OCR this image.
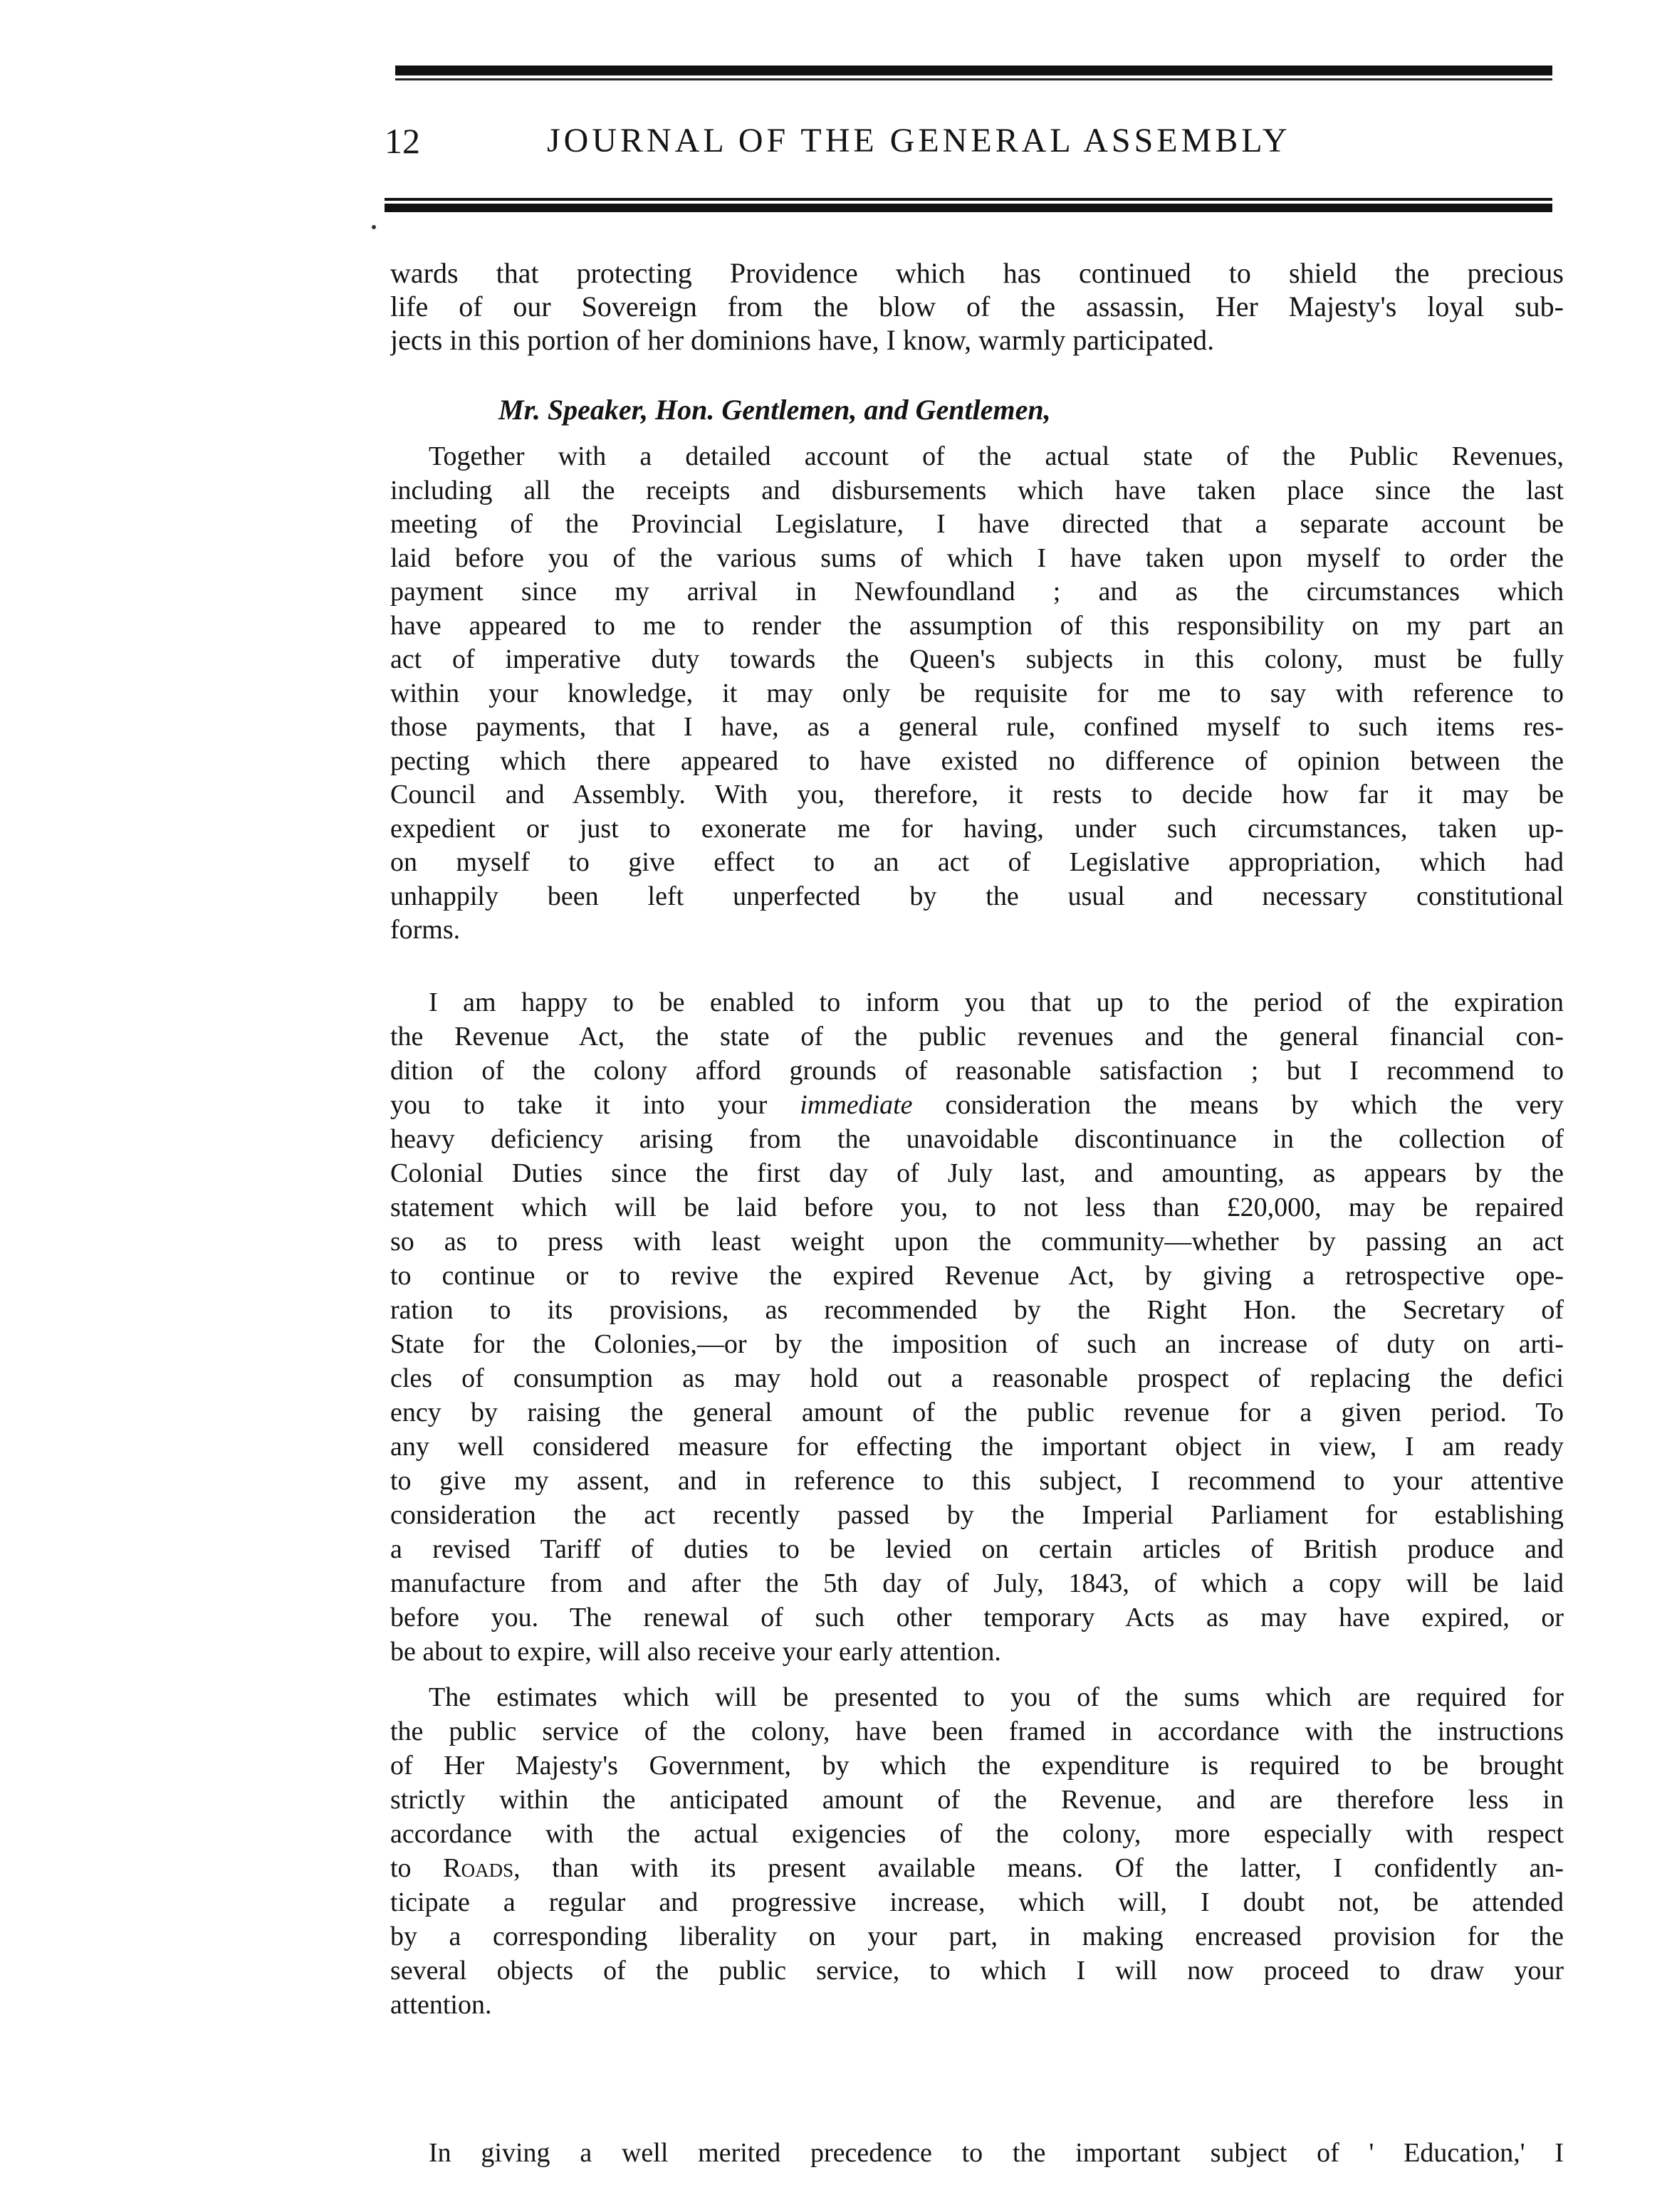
12	JOURNAL OF THE GENERAL ASSEMBLY
wards that protecting Providence which has continued to shield the precious
life of our Sovereign from the blow of the assassin, Her Majesty's loyal sub-
jects in this portion of her dominions have, I know, warmly participated.
Mr. Speaker, Hon. Gentlemen, and Gentlemen,
Together with a detailed account of the actual state of the Public Revenues,
including all the receipts and disbursements which have taken place since the last
meeting of the Provincial Legislature, I have directed that a separate account be
laid before you of the various sums of which I have taken upon myself to order the
payment since my arrival in Newfoundland ; and as the circumstances which
have appeared to me to render the assumption of this responsibility on my part an
act of imperative duty towards the Queen's subjects in this colony, must be fully
within your knowledge, it may only be requisite for me to say with reference to
those payments, that I have, as a general rule, confined myself to such items res-
pecting which there appeared to have existed no difference of opinion between the
Council and Assembly. With you, therefore, it rests to decide how far it may be
expedient or just to exonerate me for having, under such circumstances, taken up-
on myself to give effect to an act of Legislative appropriation, which had
unhappily been left unperfected by the usual and necessary constitutional
forms.
I am happy to be enabled to inform you that up to the period of the expiration
the Revenue Act, the state of the public revenues and the general financial con-
dition of the colony afford grounds of reasonable satisfaction ; but I recommend to
you to take it into your immediate consideration the means by which the very
heavy deficiency arising from the unavoidable discontinuance in the collection of
Colonial Duties since the first day of July last, and amounting, as appears by the
statement which will be laid before you, to not less than £20,000, may be repaired
so as to press with least weight upon the community—whether by passing an act
to continue or to revive the expired Revenue Act, by giving a retrospective ope-
ration to its provisions, as recommended by the Right Hon. the Secretary of
State for the Colonies,—or by the imposition of such an increase of duty on arti-
cles of consumption as may hold out a reasonable prospect of replacing the defici
ency by raising the general amount of the public revenue for a given period. To
any well considered measure for effecting the important object in view, I am ready
to give my assent, and in reference to this subject, I recommend to your attentive
consideration the act recently passed by the Imperial Parliament for establishing
a revised Tariff of duties to be levied on certain articles of British produce and
manufacture from and after the 5th day of July, 1843, of which a copy will be laid
before you. The renewal of such other temporary Acts as may have expired, or
be about to expire, will also receive your early attention.
The estimates which will be presented to you of the sums which are required for
the public service of the colony, have been framed in accordance with the instructions
of Her Majesty's Government, by which the expenditure is required to be brought
strictly within the anticipated amount of the Revenue, and are therefore less in
accordance with the actual exigencies of the colony, more especially with respect
to Roads, than with its present available means. Of the latter, I confidently an-
ticipate a regular and progressive increase, which will, I doubt not, be attended
by a corresponding liberality on your part, in making encreased provision for the
several objects of the public service, to which I will now proceed to draw your
attention.
In giving a well merited precedence to the important subject of ' Education,' I
